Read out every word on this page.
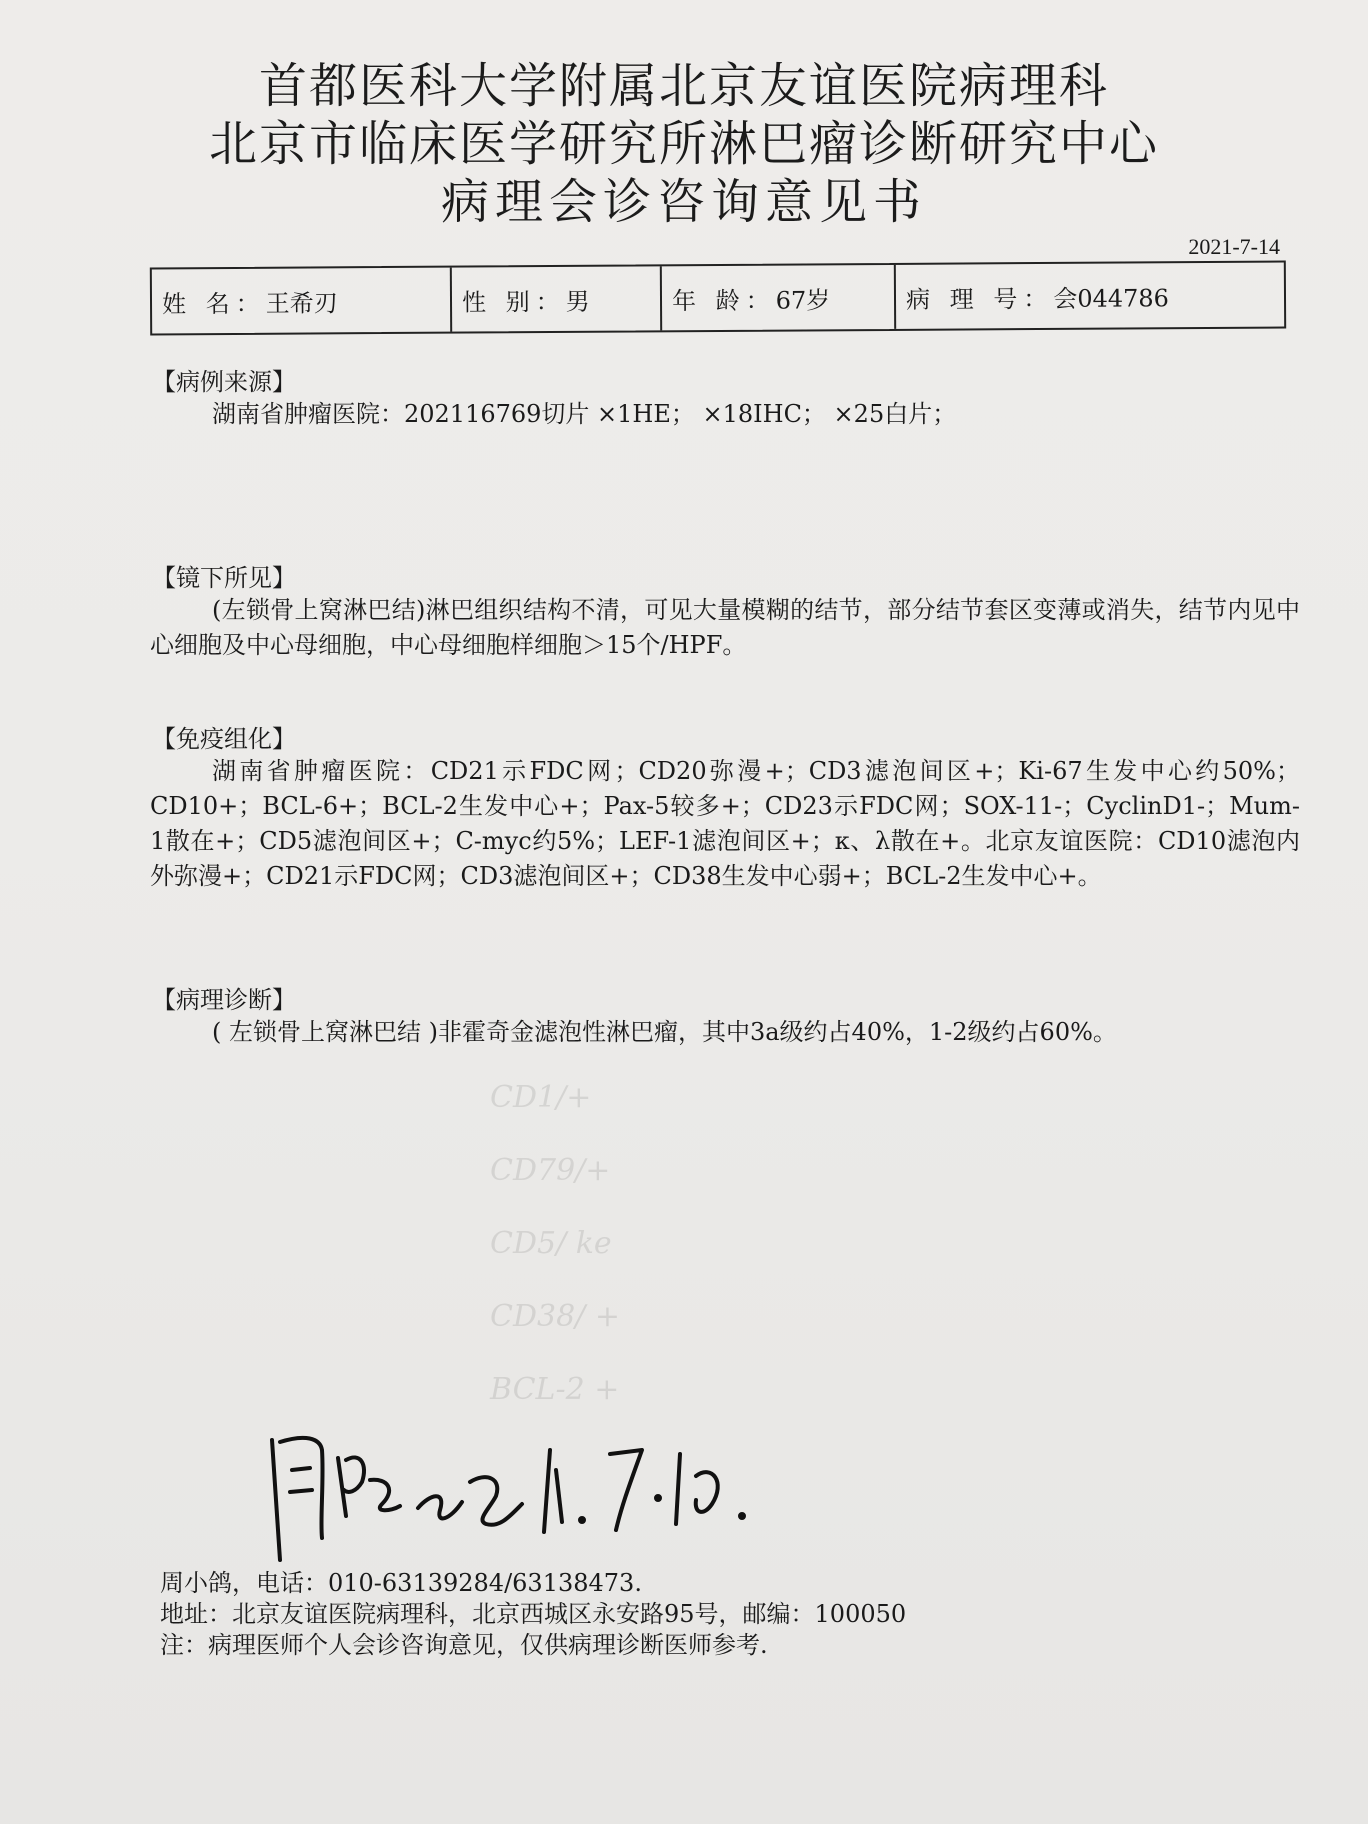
首都医科大学附属北京友谊医院病理科
北京市临床医学研究所淋巴瘤诊断研究中心
病理会诊咨询意见书
2021-7-14
姓 名： 王希刃	性 别： 男	年 龄： 67岁	病 理 号： 会044786
【病例来源】

湖南省肿瘤医院：202116769切片 ×1HE； ×18IHC； ×25白片；

【镜下所见】

(左锁骨上窝淋巴结)淋巴组织结构不清，可见大量模糊的结节，部分结节套区变薄或消失，结节内见中心细胞及中心母细胞，中心母细胞样细胞＞15个/HPF。

【免疫组化】

湖南省肿瘤医院：CD21示FDC网；CD20弥漫+；CD3滤泡间区+；Ki-67生发中心约50%；CD10+；BCL-6+；BCL-2生发中心+；Pax-5较多+；CD23示FDC网；SOX-11-；CyclinD1-；Mum-1散在+；CD5滤泡间区+；C-myc约5%；LEF-1滤泡间区+；κ、λ散在+。北京友谊医院：CD10滤泡内外弥漫+；CD21示FDC网；CD3滤泡间区+；CD38生发中心弱+；BCL-2生发中心+。

【病理诊断】

( 左锁骨上窝淋巴结 )非霍奇金滤泡性淋巴瘤，其中3a级约占40%，1-2级约占60%。

CD1/+
CD79/+
CD5/ ke
CD38/ +
BCL-2 +
周小鸽，电话：010-63139284/63138473.
地址：北京友谊医院病理科，北京西城区永安路95号，邮编：100050
注：病理医师个人会诊咨询意见，仅供病理诊断医师参考.
